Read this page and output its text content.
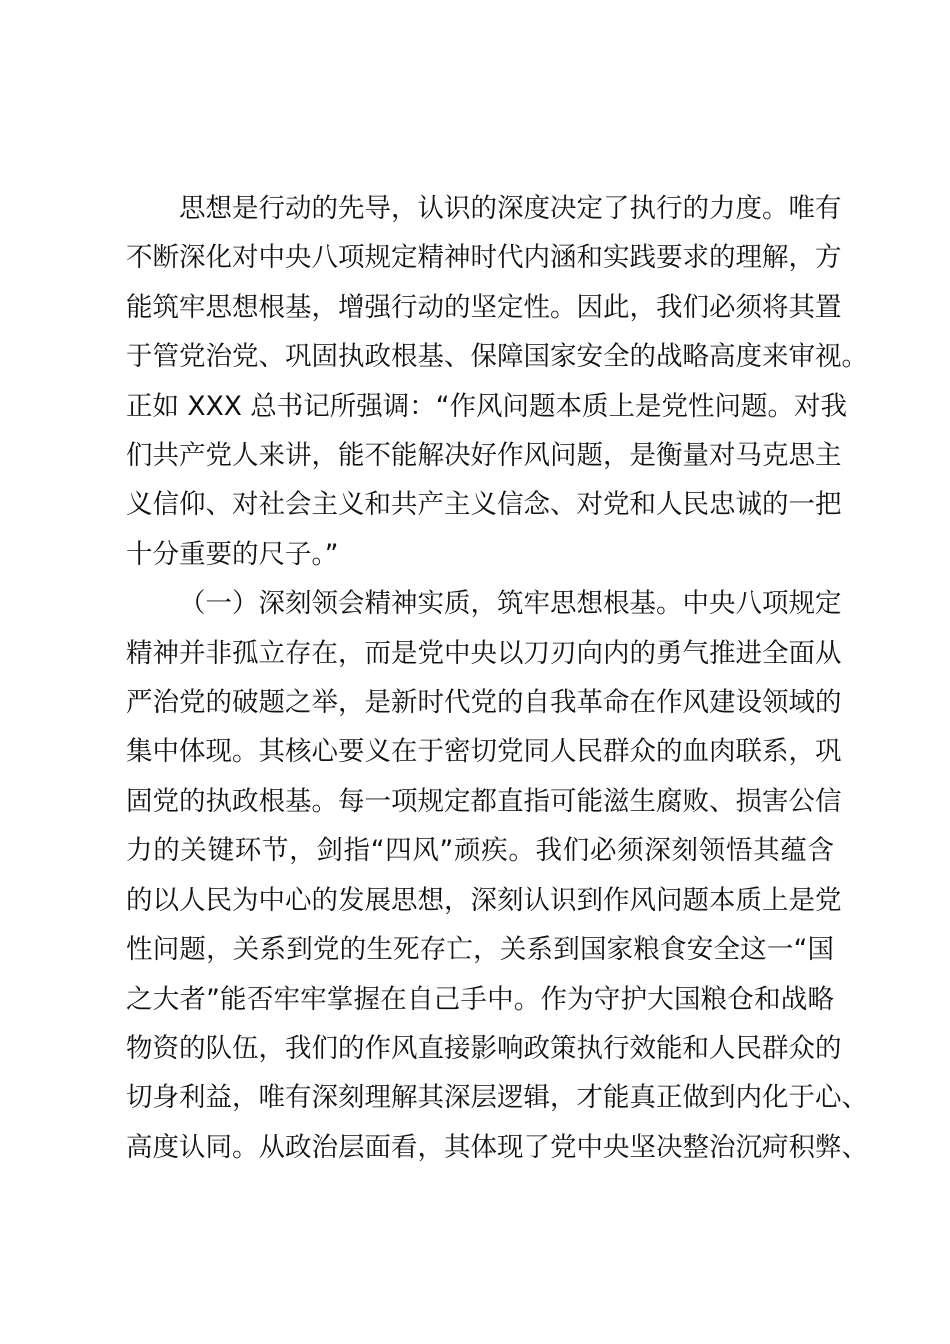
思想是行动的先导，认识的深度决定了执行的力度。唯有
不断深化对中央八项规定精神时代内涵和实践要求的理解，方
能筑牢思想根基，增强行动的坚定性。因此，我们必须将其置
于管党治党、巩固执政根基、保障国家安全的战略高度来审视。
正如 XXX 总书记所强调：“作风问题本质上是党性问题。对我
们共产党人来讲，能不能解决好作风问题，是衡量对马克思主
义信仰、对社会主义和共产主义信念、对党和人民忠诚的一把
十分重要的尺子。”

（一）深刻领会精神实质，筑牢思想根基。中央八项规定
精神并非孤立存在，而是党中央以刀刃向内的勇气推进全面从
严治党的破题之举，是新时代党的自我革命在作风建设领域的
集中体现。其核心要义在于密切党同人民群众的血肉联系，巩
固党的执政根基。每一项规定都直指可能滋生腐败、损害公信
力的关键环节，剑指“四风”顽疾。我们必须深刻领悟其蕴含
的以人民为中心的发展思想，深刻认识到作风问题本质上是党
性问题，关系到党的生死存亡，关系到国家粮食安全这一“国
之大者”能否牢牢掌握在自己手中。作为守护大国粮仓和战略
物资的队伍，我们的作风直接影响政策执行效能和人民群众的
切身利益，唯有深刻理解其深层逻辑，才能真正做到内化于心、
高度认同。从政治层面看，其体现了党中央坚决整治沉疴积弊、
